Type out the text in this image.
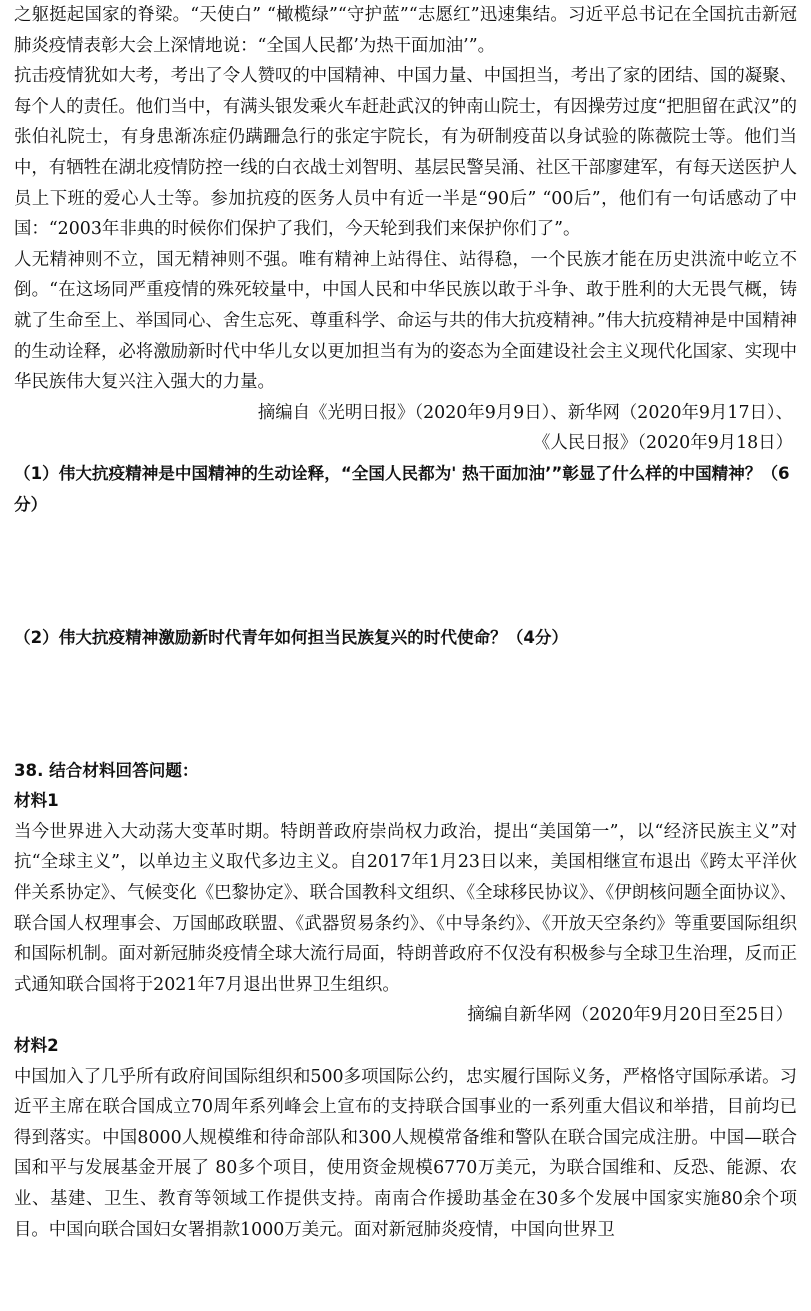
之躯挺起国家的脊梁。“天使白” “橄榄绿”“守护蓝”“志愿红”迅速集结。习近平总书记在全国抗击新冠肺炎疫情表彰大会上深情地说：“全国人民都’为热干面加油’”。

抗击疫情犹如大考，考出了令人赞叹的中国精神、中国力量、中国担当，考出了家的团结、国的凝聚、每个人的责任。他们当中，有满头银发乘火车赶赴武汉的钟南山院士，有因操劳过度“把胆留在武汉”的张伯礼院士，有身患渐冻症仍蹒跚急行的张定宇院长，有为研制疫苗以身试验的陈薇院士等。他们当中，有牺牲在湖北疫情防控一线的白衣战士刘智明、基层民警吴涌、社区干部廖建军，有每天送医护人员上下班的爱心人士等。参加抗疫的医务人员中有近一半是“90后” “00后”，他们有一句话感动了中国：“2003年非典的时候你们保护了我们，今天轮到我们来保护你们了”。

人无精神则不立，国无精神则不强。唯有精神上站得住、站得稳，一个民族才能在历史洪流中屹立不倒。“在这场同严重疫情的殊死较量中，中国人民和中华民族以敢于斗争、敢于胜利的大无畏气概，铸就了生命至上、举国同心、舍生忘死、尊重科学、命运与共的伟大抗疫精神。”伟大抗疫精神是中国精神的生动诠释，必将激励新时代中华儿女以更加担当有为的姿态为全面建设社会主义现代化国家、实现中华民族伟大复兴注入强大的力量。

摘编自《光明日报》（2020年9月9日）、新华网（2020年9月17日）、

《人民日报》（2020年9月18日）

（1）伟大抗疫精神是中国精神的生动诠释，“全国人民都为' 热干面加油’”彰显了什么样的中国精神？（6分）

（2）伟大抗疫精神激励新时代青年如何担当民族复兴的时代使命？（4分）

38. 结合材料回答问题：

材料1

当今世界进入大动荡大变革时期。特朗普政府崇尚权力政治，提出“美国第一”，以“经济民族主义”对抗“全球主义”，以单边主义取代多边主义。自2017年1月23日以来，美国相继宣布退出《跨太平洋伙伴关系协定》、气候变化《巴黎协定》、联合国教科文组织、《全球移民协议》、《伊朗核问题全面协议》、联合国人权理事会、万国邮政联盟、《武器贸易条约》、《中导条约》、《开放天空条约》等重要国际组织和国际机制。面对新冠肺炎疫情全球大流行局面，特朗普政府不仅没有积极参与全球卫生治理，反而正式通知联合国将于2021年7月退出世界卫生组织。

摘编自新华网（2020年9月20日至25日）

材料2

中国加入了几乎所有政府间国际组织和500多项国际公约，忠实履行国际义务，严格恪守国际承诺。习近平主席在联合国成立70周年系列峰会上宣布的支持联合国事业的一系列重大倡议和举措，目前均已得到落实。中国8000人规模维和待命部队和300人规模常备维和警队在联合国完成注册。中国—联合国和平与发展基金开展了 80多个项目，使用资金规模6770万美元，为联合国维和、反恐、能源、农业、基建、卫生、教育等领域工作提供支持。南南合作援助基金在30多个发展中国家实施80余个项目。中国向联合国妇女署捐款1000万美元。面对新冠肺炎疫情，中国向世界卫
